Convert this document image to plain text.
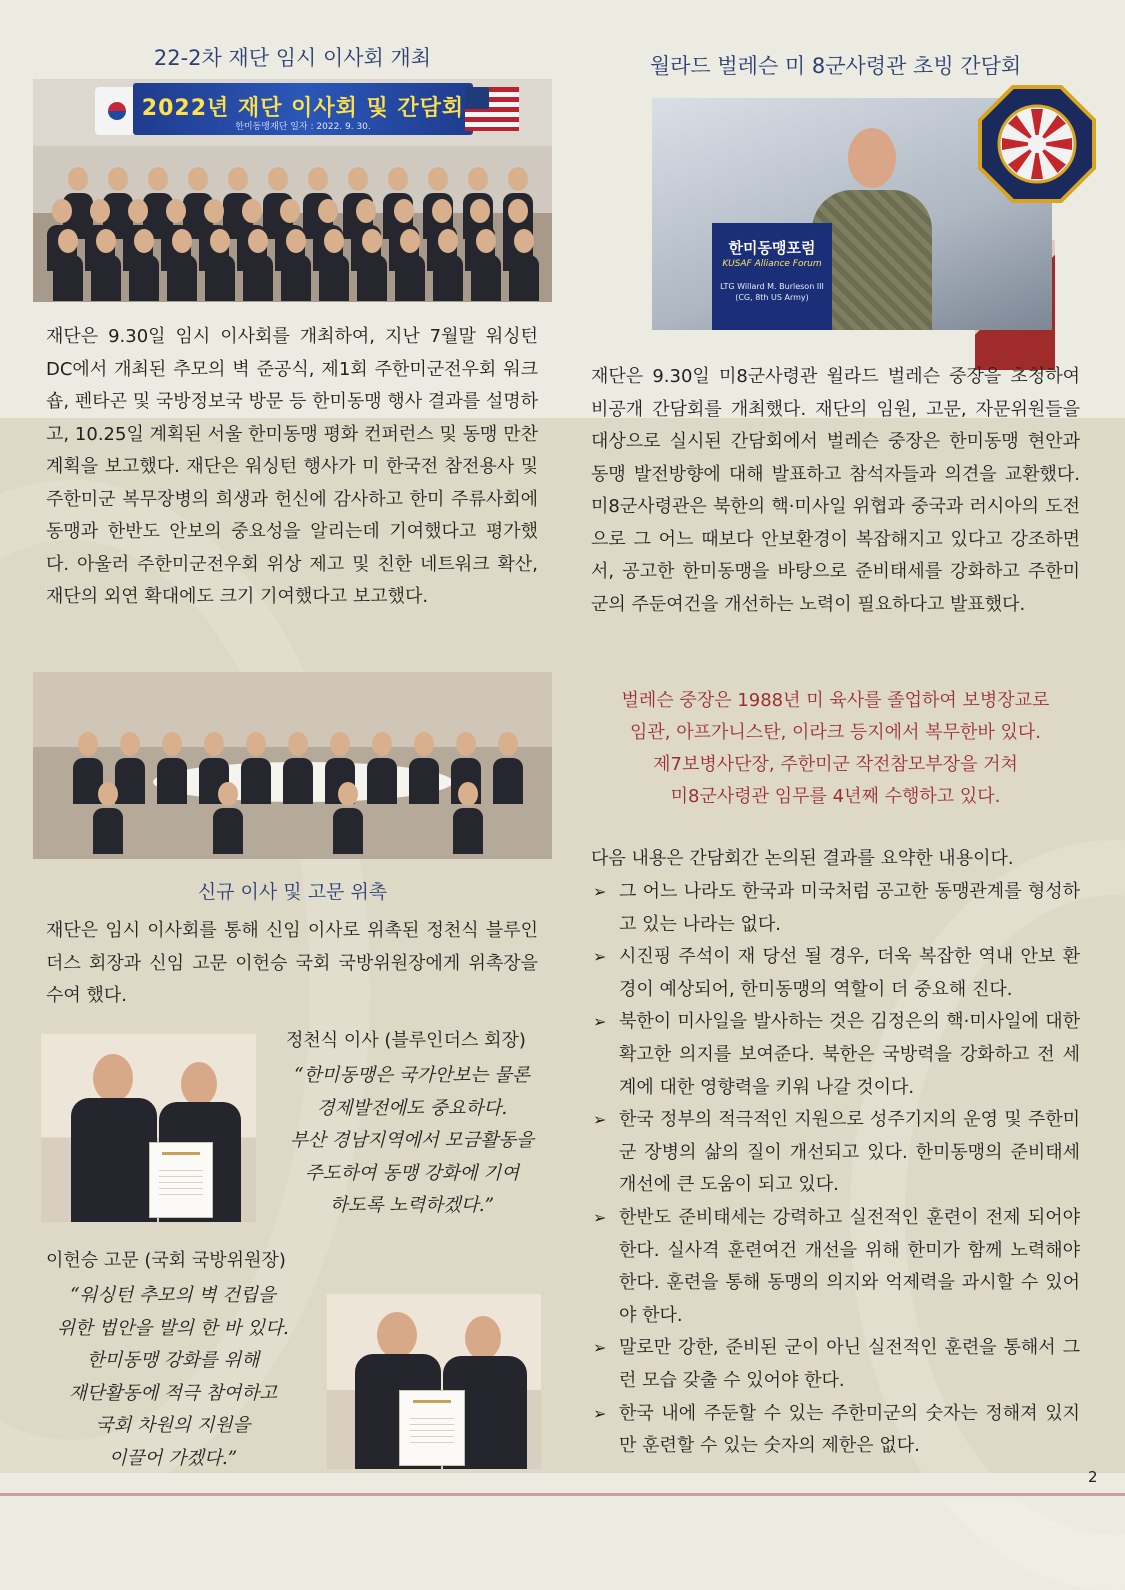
22-2차 재단 임시 이사회 개최
2022년 재단 이사회 및 간담회
한미동맹재단 일자 : 2022. 9. 30.
재단은 9.30일 임시 이사회를 개최하여, 지난 7월말 워싱턴 DC에서 개최된 추모의 벽 준공식, 제1회 주한미군전우회 워크숍, 펜타곤 및 국방정보국 방문 등 한미동맹 행사 결과를 설명하고, 10.25일 계획된 서울 한미동맹 평화 컨퍼런스 및 동맹 만찬계획을 보고했다. 재단은 워싱턴 행사가 미 한국전 참전용사 및 주한미군 복무장병의 희생과 헌신에 감사하고 한미 주류사회에 동맹과 한반도 안보의 중요성을 알리는데 기여했다고 평가했다. 아울러 주한미군전우회 위상 제고 및 친한 네트워크 확산, 재단의 외연 확대에도 크기 기여했다고 보고했다.
신규 이사 및 고문 위촉
재단은 임시 이사회를 통해 신임 이사로 위촉된 정천식 블루인더스 회장과 신임 고문 이헌승 국회 국방위원장에게 위촉장을 수여 했다.
정천식 이사 (블루인더스 회장)
“한미동맹은 국가안보는 물론
경제발전에도 중요하다.
부산 경남지역에서 모금활동을
주도하여 동맹 강화에 기여
하도록 노력하겠다.”
이헌승 고문 (국회 국방위원장)
“워싱턴 추모의 벽 건립을
위한 법안을 발의 한 바 있다.
한미동맹 강화를 위해
재단활동에 적극 참여하고
국회 차원의 지원을
이끌어 가겠다.”
월라드 벌레슨 미 8군사령관 초빙 간담회
한미동맹포럼
KUSAF Alliance Forum
LTG Willard M. Burleson III
(CG, 8th US Army)
재단은 9.30일 미8군사령관 윌라드 벌레슨 중장을 초청하여 비공개 간담회를 개최했다. 재단의 임원, 고문, 자문위원들을 대상으로 실시된 간담회에서 벌레슨 중장은 한미동맹 현안과 동맹 발전방향에 대해 발표하고 참석자들과 의견을 교환했다. 미8군사령관은 북한의 핵·미사일 위협과 중국과 러시아의 도전으로 그 어느 때보다 안보환경이 복잡해지고 있다고 강조하면서, 공고한 한미동맹을 바탕으로 준비태세를 강화하고 주한미군의 주둔여건을 개선하는 노력이 필요하다고 발표했다.
벌레슨 중장은 1988년 미 육사를 졸업하여 보병장교로
임관, 아프가니스탄, 이라크 등지에서 복무한바 있다.
제7보병사단장, 주한미군 작전참모부장을 거쳐
미8군사령관 임무를 4년째 수행하고 있다.
다음 내용은 간담회간 논의된 결과를 요약한 내용이다.
➢ 그 어느 나라도 한국과 미국처럼 공고한 동맹관계를 형성하고 있는 나라는 없다.
➢ 시진핑 주석이 재 당선 될 경우, 더욱 복잡한 역내 안보 환경이 예상되어, 한미동맹의 역할이 더 중요해 진다.
➢ 북한이 미사일을 발사하는 것은 김정은의 핵·미사일에 대한 확고한 의지를 보여준다. 북한은 국방력을 강화하고 전 세계에 대한 영향력을 키워 나갈 것이다.
➢ 한국 정부의 적극적인 지원으로 성주기지의 운영 및 주한미군 장병의 삶의 질이 개선되고 있다. 한미동맹의 준비태세 개선에 큰 도움이 되고 있다.
➢ 한반도 준비태세는 강력하고 실전적인 훈련이 전제 되어야 한다. 실사격 훈련여건 개선을 위해 한미가 함께 노력해야 한다. 훈련을 통해 동맹의 의지와 억제력을 과시할 수 있어야 한다.
➢ 말로만 강한, 준비된 군이 아닌 실전적인 훈련을 통해서 그런 모습 갖출 수 있어야 한다.
➢ 한국 내에 주둔할 수 있는 주한미군의 숫자는 정해져 있지만 훈련할 수 있는 숫자의 제한은 없다.
2
